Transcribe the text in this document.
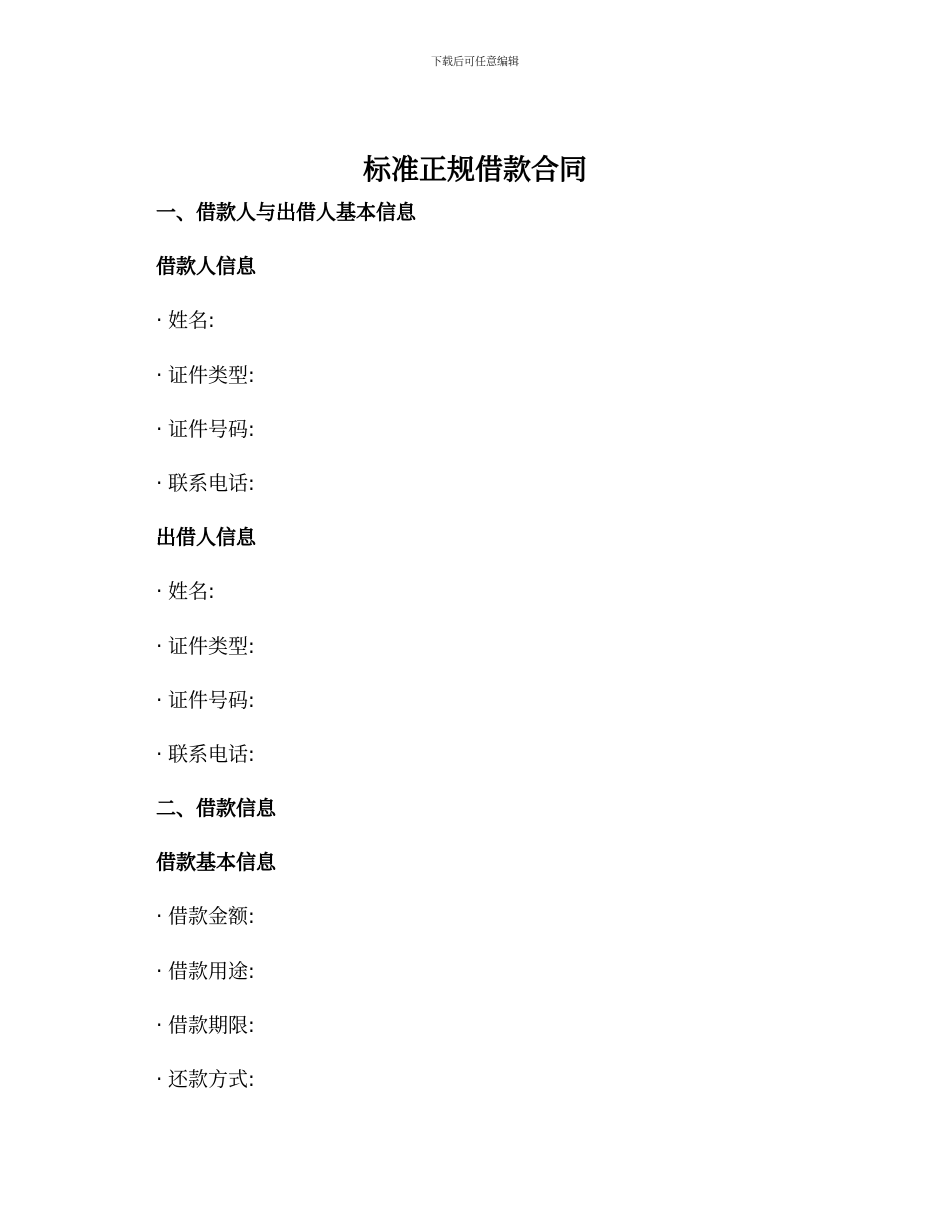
下载后可任意编辑
标准正规借款合同
一、借款人与出借人基本信息
借款人信息
· 姓名:
· 证件类型:
· 证件号码:
· 联系电话:
出借人信息
· 姓名:
· 证件类型:
· 证件号码:
· 联系电话:
二、借款信息
借款基本信息
· 借款金额:
· 借款用途:
· 借款期限:
· 还款方式:
